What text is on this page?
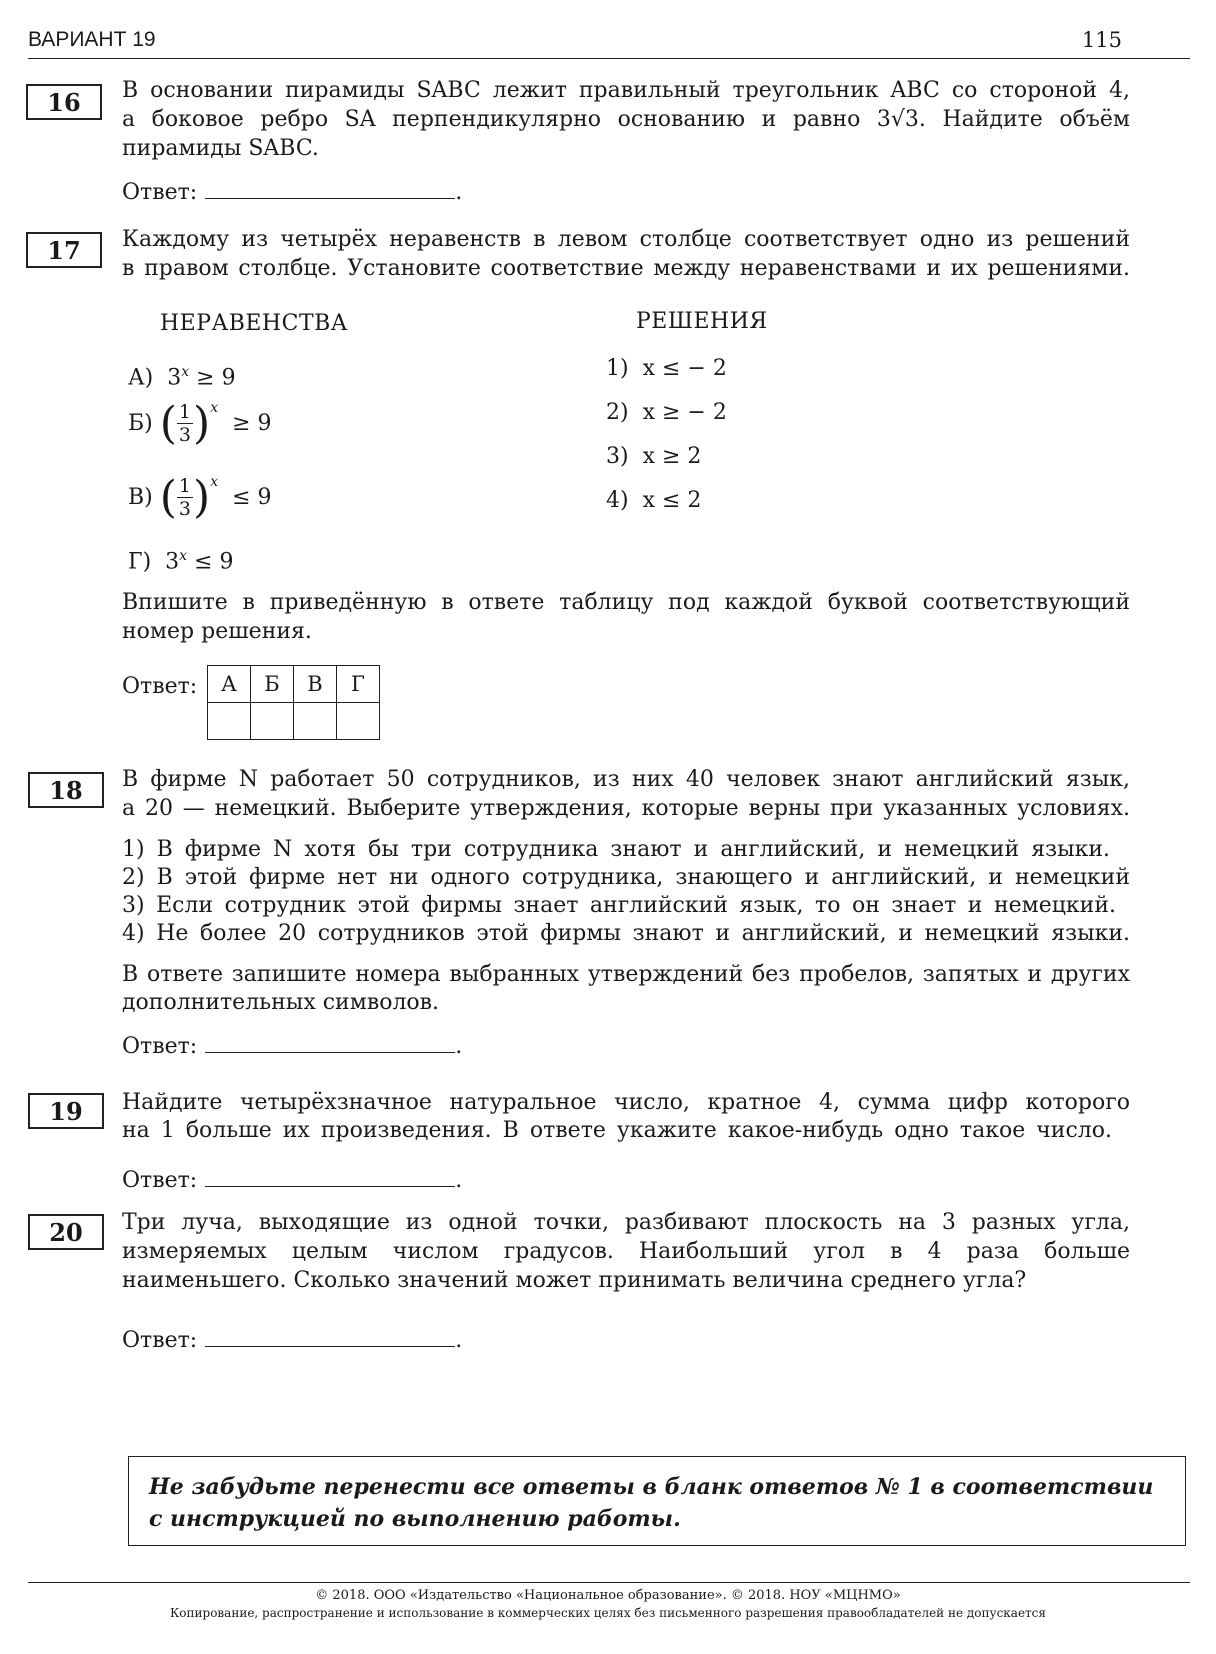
ВАРИАНТ 19	115
16	В основании пирамиды SABC лежит правильный треугольник ABC со стороной 4,
а боковое ребро SA перпендикулярно основанию и равно 3√3. Найдите объём
пирамиды SABC.
Ответ:	.
17	Каждому из четырёх неравенств в левом столбце соответствует одно из решений
в правом столбце. Установите соответствие между неравенствами и их решениями.
НЕРАВЕНСТВА	РЕШЕНИЯ
А) $3^x \ge 9$
Б)
( $\frac{1}{3} )^x$

≥ 9
В)
( $\frac{1}{3} )^x$

≤ 9
Г) $3^x \le 9$
1)  x ≤ − 2
2)  x ≥ − 2
3)  x ≥ 2
4)  x ≤ 2
Впишите в приведённую в ответе таблицу под каждой буквой соответствующий
номер решения.
Ответ: А	Б	В	Г

18	В фирме N работает 50 сотрудников, из них 40 человек знают английский язык,
а 20 — немецкий. Выберите утверждения, которые верны при указанных условиях.
1) В фирме N хотя бы три сотрудника знают и английский, и немецкий языки.
2) В этой фирме нет ни одного сотрудника, знающего и английский, и немецкий
3) Если сотрудник этой фирмы знает английский язык, то он знает и немецкий.
4) Не более 20 сотрудников этой фирмы знают и английский, и немецкий языки.
В ответе запишите номера выбранных утверждений без пробелов, запятых и других
дополнительных символов.
Ответ:	.
19	Найдите четырёхзначное натуральное число, кратное 4, сумма цифр которого
на 1 больше их произведения. В ответе укажите какое-нибудь одно такое число.
Ответ:	.
20	Три луча, выходящие из одной точки, разбивают плоскость на 3 разных угла,
измеряемых целым числом градусов. Наибольший угол в 4 раза больше
наименьшего. Сколько значений может принимать величина среднего угла?
Ответ:	.
Не забудьте перенести все ответы в бланк ответов № 1 в соответствии
с инструкцией по выполнению работы.
© 2018. ООО «Издательство «Национальное образование». © 2018. НОУ «МЦНМО»
Копирование, распространение и использование в коммерческих целях без письменного разрешения правообладателей не допускается
